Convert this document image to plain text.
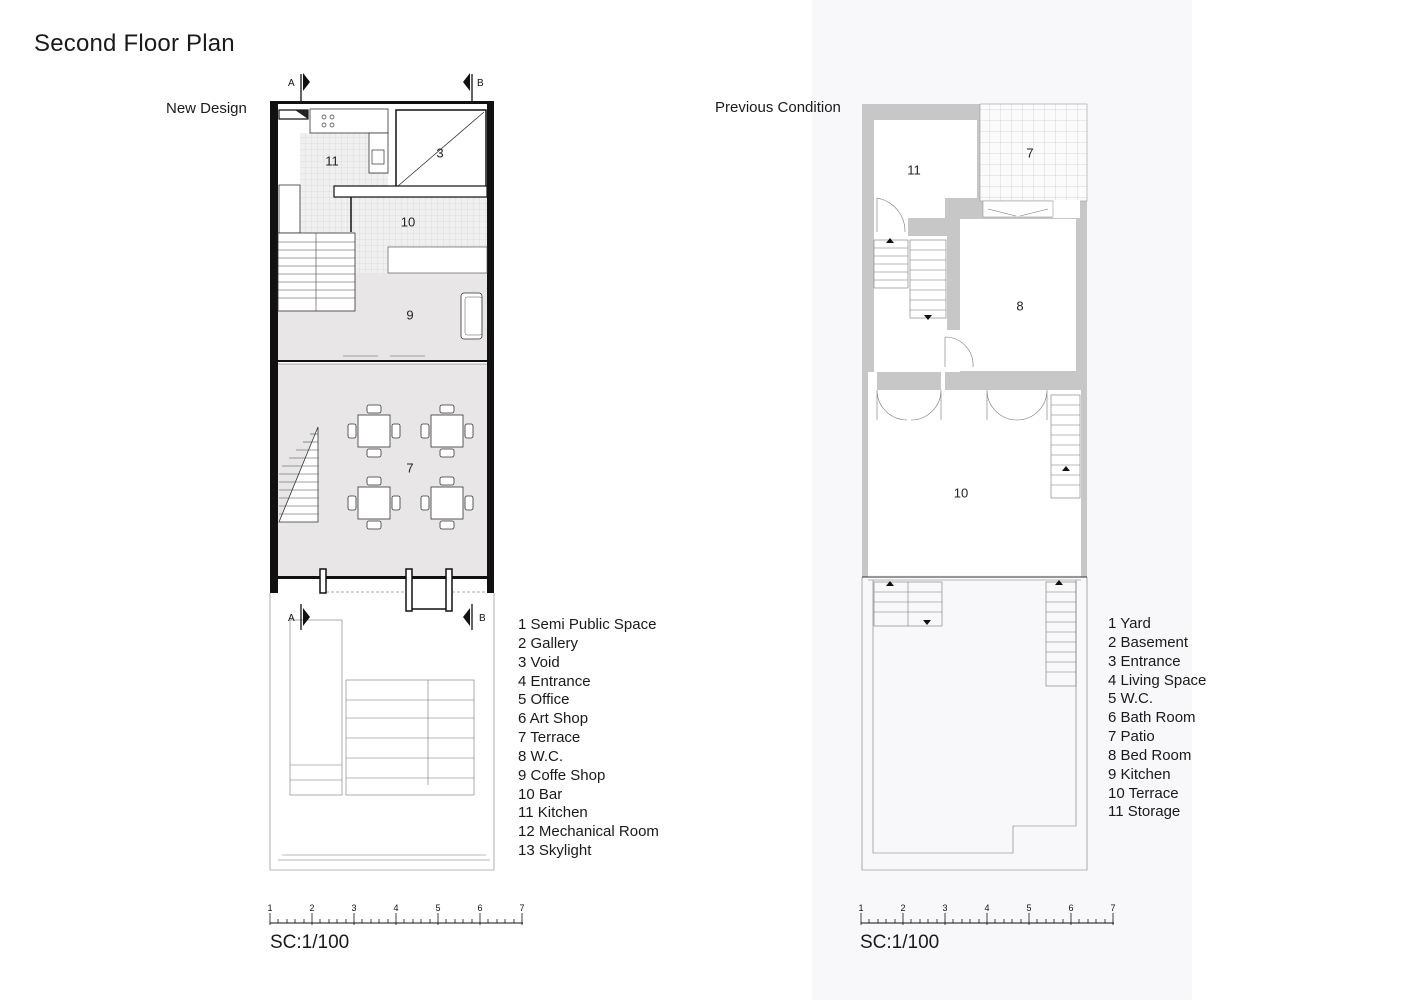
Second Floor Plan
New Design	Previous Condition
A	B
A	B
11
3
10
9
7
11
7
8
10
1	2	3	4	5	6	7	1	2	3	4	5	6	7
1 Semi Public Space
2 Gallery
3 Void
4 Entrance
5 Office
6 Art Shop
7 Terrace
8 W.C.
9 Coffe Shop
10 Bar
11 Kitchen
12 Mechanical Room
13 Skylight
1 Yard
2 Basement
3 Entrance
4 Living Space
5 W.C.
6 Bath Room
7 Patio
8 Bed Room
9 Kitchen
10 Terrace
11 Storage
SC:1/100	SC:1/100
